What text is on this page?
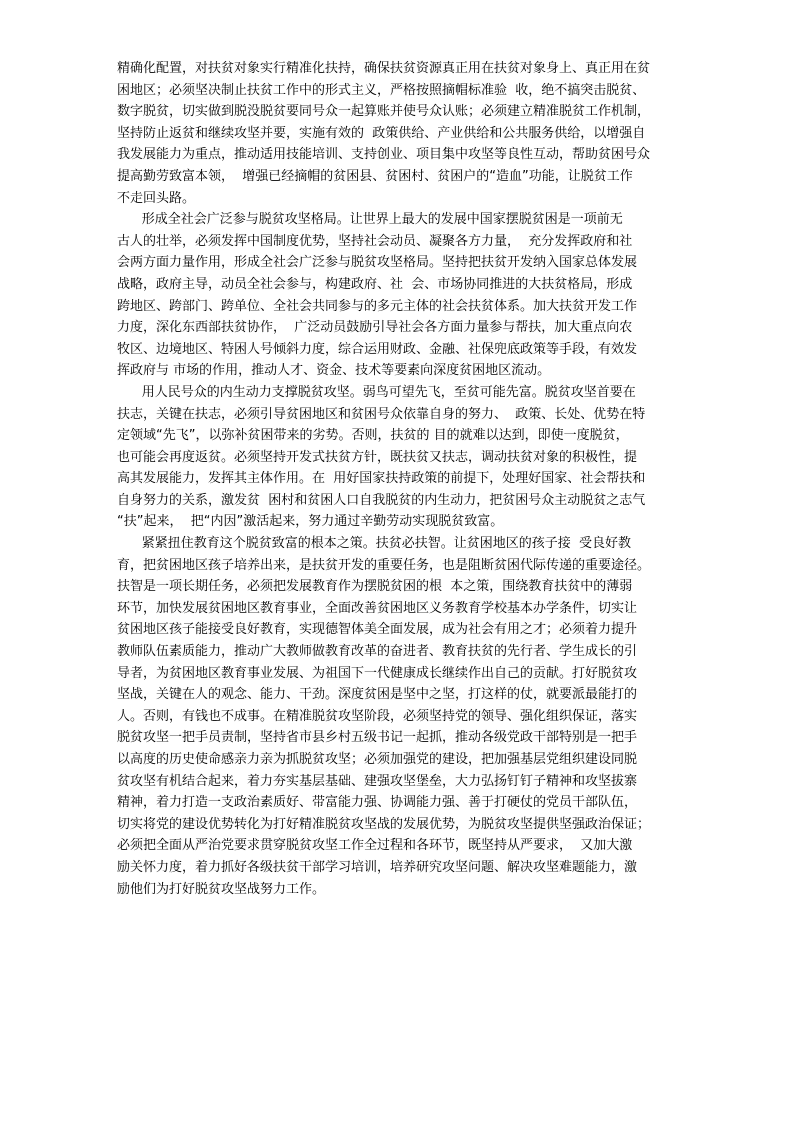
精确化配置，对扶贫对象实行精准化扶持，确保扶贫资源真正用在扶贫对象身上、真正用在贫
困地区；必须坚决制止扶贫工作中的形式主义，严格按照摘帽标准验  收，绝不搞突击脱贫、
数字脱贫，切实做到脱没脱贫要同号众一起算账并使号众认账；必须建立精准脱贫工作机制，
坚持防止返贫和继续攻坚并要，实施有效的  政策供给、产业供给和公共服务供给，以增强自
我发展能力为重点，推动适用技能培训、支持创业、项目集中攻坚等良性互动，帮助贫困号众
提高勤劳致富本领，  增强已经摘帽的贫困县、贫困村、贫困户的“造血”功能，让脱贫工作
不走回头路。
形成全社会广泛参与脱贫攻坚格局。让世界上最大的发展中国家摆脱贫困是一项前无
古人的壮举，必须发挥中国制度优势，坚持社会动员、凝聚各方力量，  充分发挥政府和社
会两方面力量作用，形成全社会广泛参与脱贫攻坚格局。坚持把扶贫开发纳入国家总体发展
战略，政府主导，动员全社会参与，构建政府、社  会、市场协同推进的大扶贫格局，形成
跨地区、跨部门、跨单位、全社会共同参与的多元主体的社会扶贫体系。加大扶贫开发工作
力度，深化东西部扶贫协作，  广泛动员鼓励引导社会各方面力量参与帮扶，加大重点向农
牧区、边境地区、特困人号倾斜力度，综合运用财政、金融、社保兜底政策等手段，有效发
挥政府与 市场的作用，推动人才、资金、技术等要素向深度贫困地区流动。
用人民号众的内生动力支撑脱贫攻坚。弱鸟可望先飞，至贫可能先富。脱贫攻坚首要在
扶志，关键在扶志，必须引导贫困地区和贫困号众依靠自身的努力、  政策、长处、优势在特
定领域“先飞”，以弥补贫困带来的劣势。否则，扶贫的 目的就难以达到，即使一度脱贫，
也可能会再度返贫。必须坚持开发式扶贫方针，既扶贫又扶志，调动扶贫对象的积极性，提
高其发展能力，发挥其主体作用。在  用好国家扶持政策的前提下，处理好国家、社会帮扶和
自身努力的关系，激发贫  困村和贫困人口自我脱贫的内生动力，把贫困号众主动脱贫之志气
“扶”起来，  把“内因”激活起来，努力通过辛勤劳动实现脱贫致富。
紧紧扭住教育这个脱贫致富的根本之策。扶贫必扶智。让贫困地区的孩子接  受良好教
育，把贫困地区孩子培养出来，是扶贫开发的重要任务，也是阻断贫困代际传递的重要途径。
扶智是一项长期任务，必须把发展教育作为摆脱贫困的根  本之策，围绕教育扶贫中的薄弱
环节，加快发展贫困地区教育事业，全面改善贫困地区义务教育学校基本办学条件，切实让
贫困地区孩子能接受良好教育，实现德智体美全面发展，成为社会有用之才；必须着力提升
教师队伍素质能力，推动广大教师做教育改革的奋进者、教育扶贫的先行者、学生成长的引
导者，为贫困地区教育事业发展、为祖国下一代健康成长继续作出自己的贡献。打好脱贫攻
坚战，关键在人的观念、能力、干劲。深度贫困是坚中之坚，打这样的仗，就要派最能打的
人。否则，有钱也不成事。在精准脱贫攻坚阶段，必须坚持党的领导、强化组织保证，落实
脱贫攻坚一把手员责制，坚持省市县乡村五级书记一起抓，推动各级党政干部特别是一把手
以高度的历史使命感亲力亲为抓脱贫攻坚；必须加强党的建设，把加强基层党组织建设同脱
贫攻坚有机结合起来，着力夯实基层基础、建强攻坚堡垒，大力弘扬钉钉子精神和攻坚拔寨
精神，着力打造一支政治素质好、带富能力强、协调能力强、善于打硬仗的党员干部队伍，
切实将党的建设优势转化为打好精准脱贫攻坚战的发展优势，为脱贫攻坚提供坚强政治保证；
必须把全面从严治党要求贯穿脱贫攻坚工作全过程和各环节，既坚持从严要求，  又加大激
励关怀力度，着力抓好各级扶贫干部学习培训，培养研究攻坚问题、解决攻坚难题能力，激
励他们为打好脱贫攻坚战努力工作。
